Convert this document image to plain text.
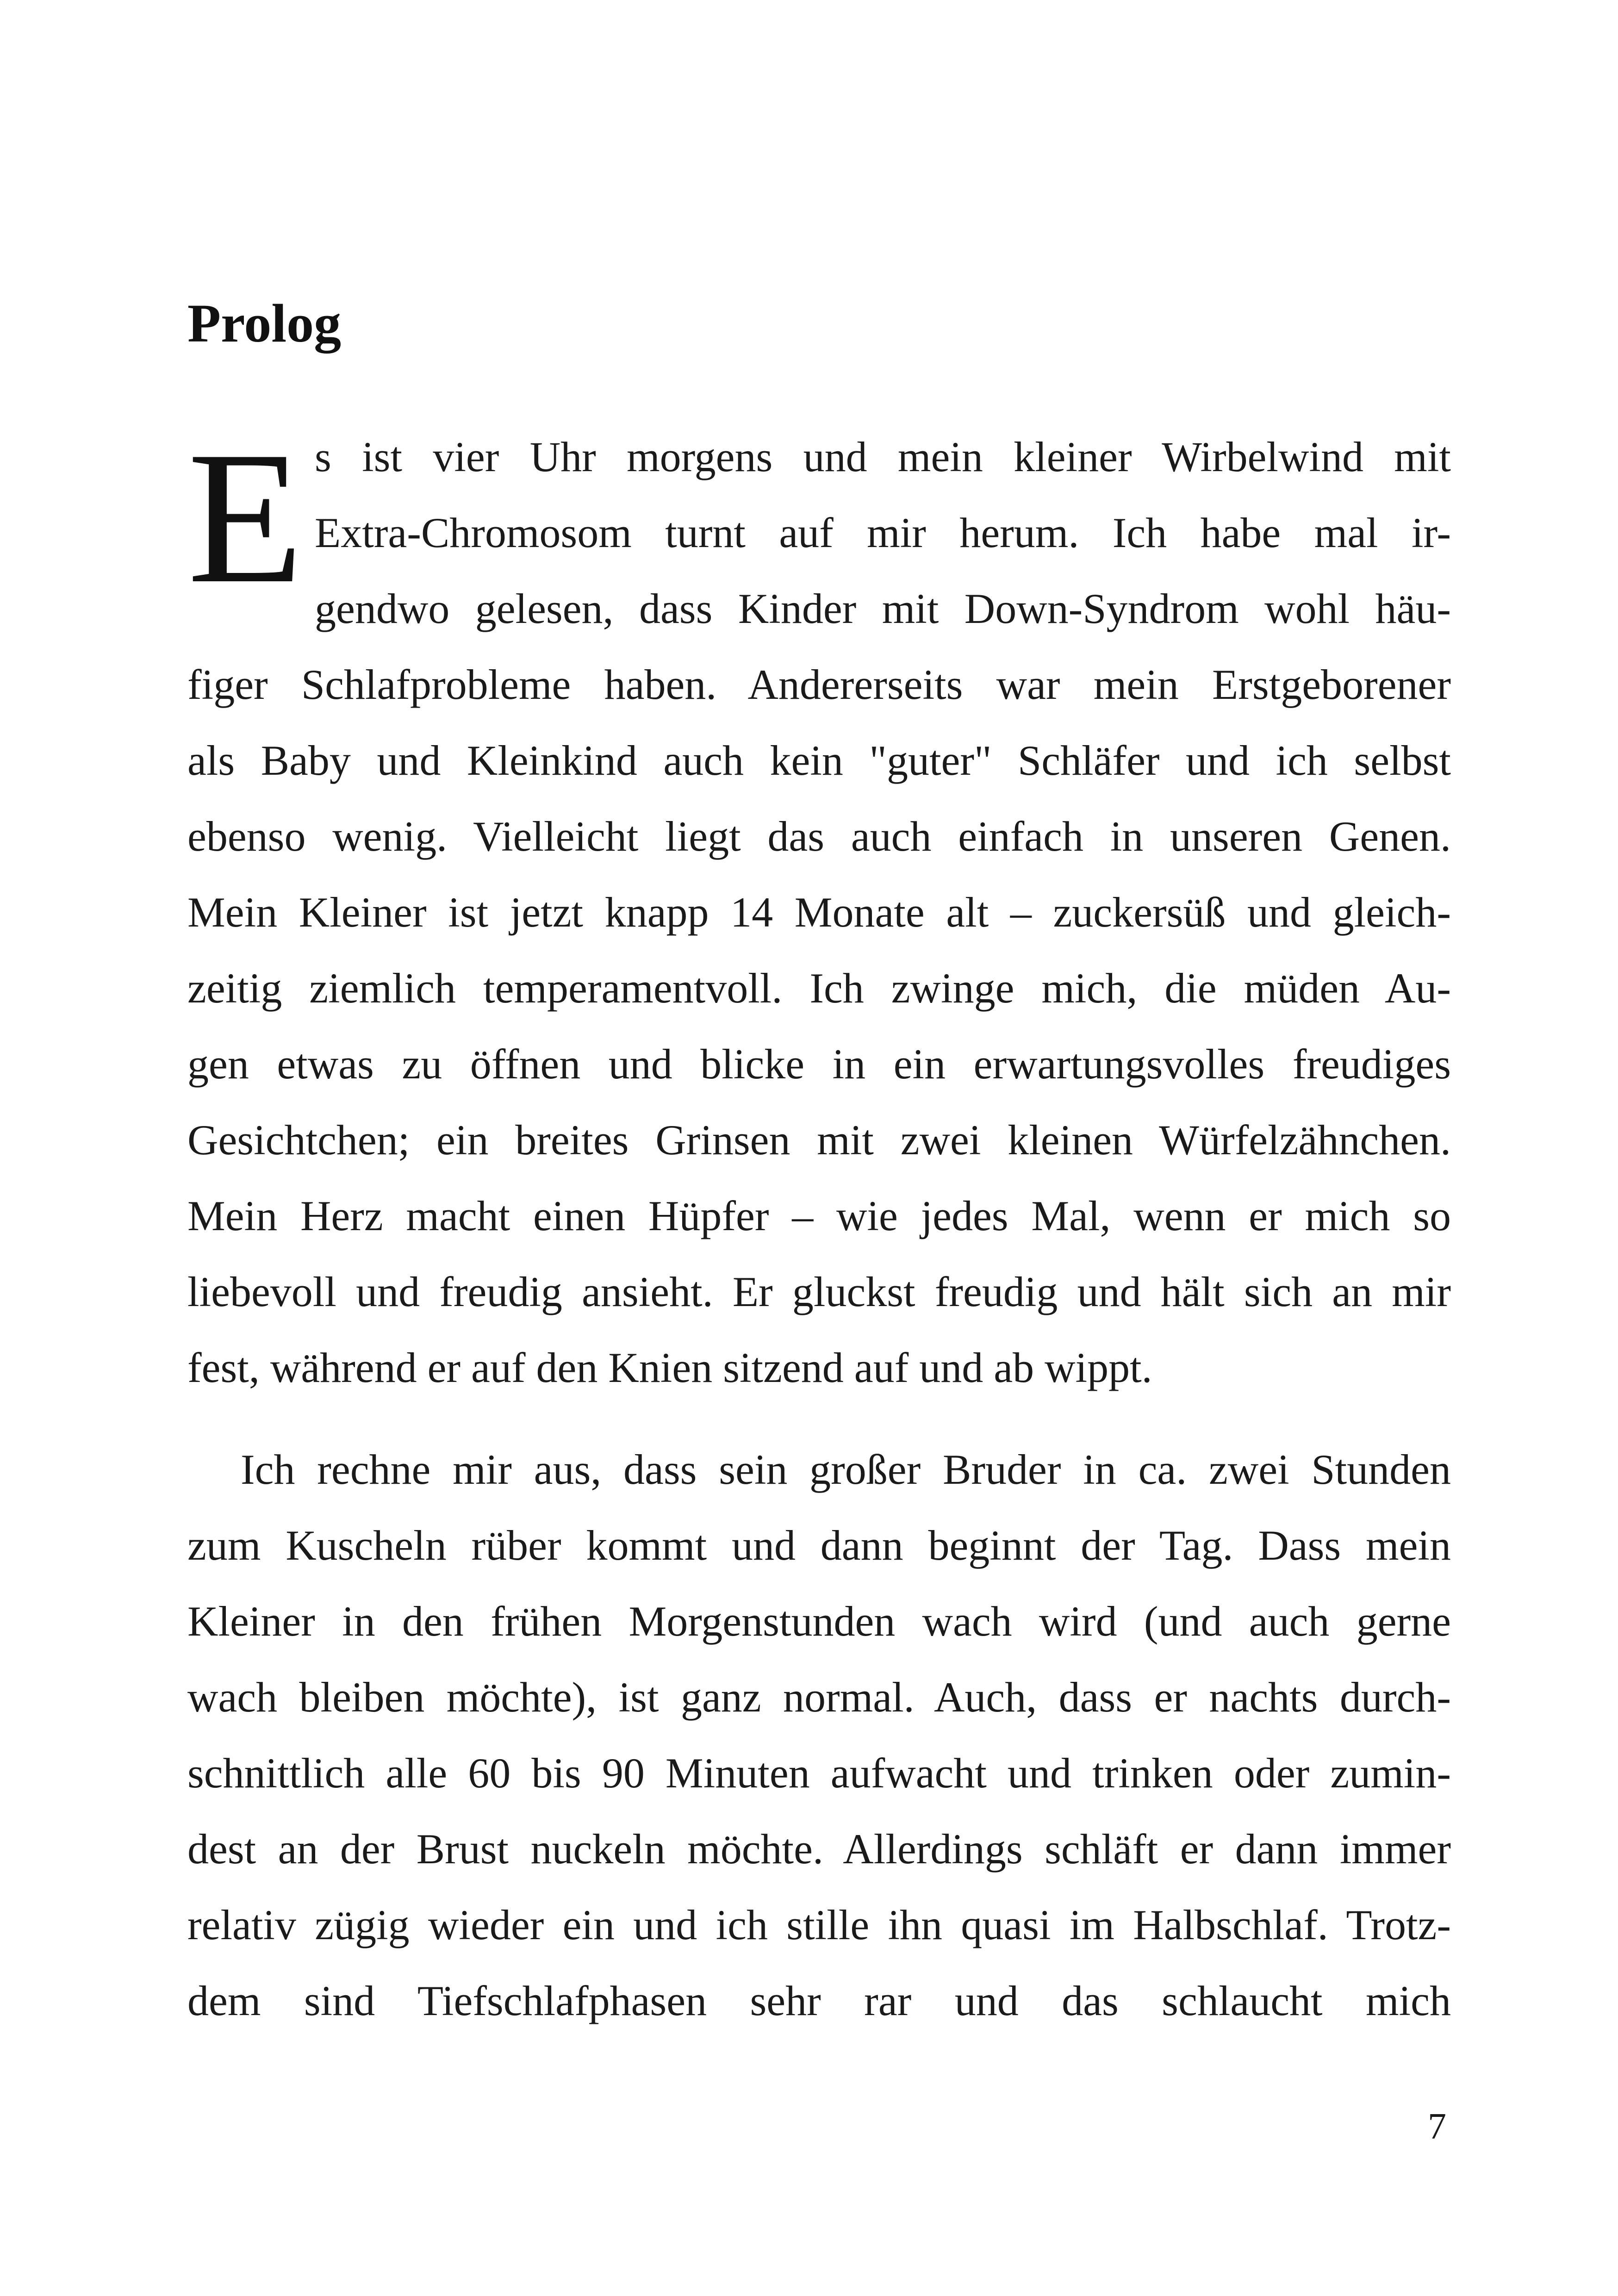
Prolog
E s ist vier Uhr morgens und mein kleiner Wirbelwind mit
Extra-Chromosom turnt auf mir herum. Ich habe mal ir-
gendwo gelesen, dass Kinder mit Down-Syndrom wohl häu-
figer Schlafprobleme haben. Andererseits war mein Erstgeborener
als Baby und Kleinkind auch kein "guter" Schläfer und ich selbst
ebenso wenig. Vielleicht liegt das auch einfach in unseren Genen.
Mein Kleiner ist jetzt knapp 14 Monate alt – zuckersüß und gleich-
zeitig ziemlich temperamentvoll. Ich zwinge mich, die müden Au-
gen etwas zu öffnen und blicke in ein erwartungsvolles freudiges
Gesichtchen; ein breites Grinsen mit zwei kleinen Würfelzähnchen.
Mein Herz macht einen Hüpfer – wie jedes Mal, wenn er mich so
liebevoll und freudig ansieht. Er gluckst freudig und hält sich an mir
fest, während er auf den Knien sitzend auf und ab wippt.
Ich rechne mir aus, dass sein großer Bruder in ca. zwei Stunden
zum Kuscheln rüber kommt und dann beginnt der Tag. Dass mein
Kleiner in den frühen Morgenstunden wach wird (und auch gerne
wach bleiben möchte), ist ganz normal. Auch, dass er nachts durch-
schnittlich alle 60 bis 90 Minuten aufwacht und trinken oder zumin-
dest an der Brust nuckeln möchte. Allerdings schläft er dann immer
relativ zügig wieder ein und ich stille ihn quasi im Halbschlaf. Trotz-
dem sind Tiefschlafphasen sehr rar und das schlaucht mich
7
